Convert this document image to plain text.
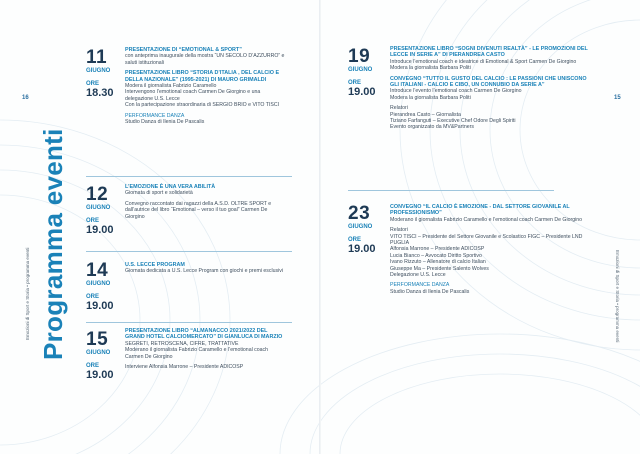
16	15
Programma eventi
Emozioni di Sport e Storia • programma eventi	Emozioni di Sport e Storia • programma eventi
11
GIUGNO
ORE
18.30
PRESENTAZIONE DI “EMOTIONAL & SPORT”
con anteprima inaugurale della mostra “UN SECOLO D’AZZURRO” e saluti istituzionali
PRESENTAZIONE LIBRO “STORIA D’ITALIA , DEL CALCIO E DELLA NAZIONALE” (1995-2021) DI MAURO GRIMALDI
Modera il giornalista Fabrizio Caramello
Intervengono l’emotional coach Carmen De Giorgino e una delegazione U.S. Lecce
Con la partecipazione straordinaria di SERGIO BRIO e VITO TISCI
PERFORMANCE DANZA
Studio Danza di Ilenia De Pascalis
12
GIUGNO
ORE
19.00
L’EMOZIONE È UNA VERA ABILITÀ
Giornata di sport e solidarietà
Convegno raccontato dai ragazzi della A.S.D. OLTRE SPORT e dall’autrice del libro “Emotional – verso il tuo goal” Carmen De Giorgino
14
GIUGNO
ORE
19.00
U.S. LECCE PROGRAM
Giornata dedicata a U.S. Lecce Program con giochi e premi esclusivi
15
GIUGNO
ORE
19.00
PRESENTAZIONE LIBRO “ALMANACCO 2021/2022 DEL GRAND HOTEL CALCIOMERCATO” DI GIANLUCA DI MARZIO
SEGRETI, RETROSCENA, CIFRE, TRATTATIVE
Moderano il giornalista Fabrizio Caramello e l’emotional coach Carmen De Giorgino
Interviene Alfonsia Marrone – Presidente ADICOSP
19
GIUGNO
ORE
19.00
PRESENTAZIONE LIBRO “SOGNI DIVENUTI REALTÀ” - LE PROMOZIONI DEL LECCE IN SERIE A” DI PIERANDREA CASTO
Introduce l’emotional coach e ideatrice di Emotional & Sport Carmen De Giorgino
Modera la giornalista Barbara Politi
CONVEGNO “TUTTO IL GUSTO DEL CALCIO : LE PASSIONI CHE UNISCONO GLI ITALIANI - CALCIO E CIBO, UN CONNUBIO DA SERIE A”
Introduce l’evento l’emotional coach Carmen De Giorgino
Modera la giornalista Barbara Politi
Relatori
Pierandrea Casto – Giornalista
Tiziano Farfanguti – Executive Chef Odore Degli Spiriti
Evento organizzato da MV&Partners
23
GIUGNO
ORE
19.00
CONVEGNO “IL CALCIO È EMOZIONE - DAL SETTORE GIOVANILE AL PROFESSIONISMO”
Moderano il giornalista Fabrizio Caramello e l’emotional coach Carmen De Giorgino
Relatori
VITO TISCI – Presidente del Settore Giovanile e Scolastico FIGC – Presidente LND PUGLIA
Alfonsia Marrone – Presidente ADICOSP
Lucia Bianco – Avvocato Diritto Sportivo
Ivano Rizzuto – Allenatore di calcio Italian
Giuseppe Ma – Presidente Salento Wolves
Delegazione U.S. Lecce
PERFORMANCE DANZA
Studio Danza di Ilenia De Pascalis
